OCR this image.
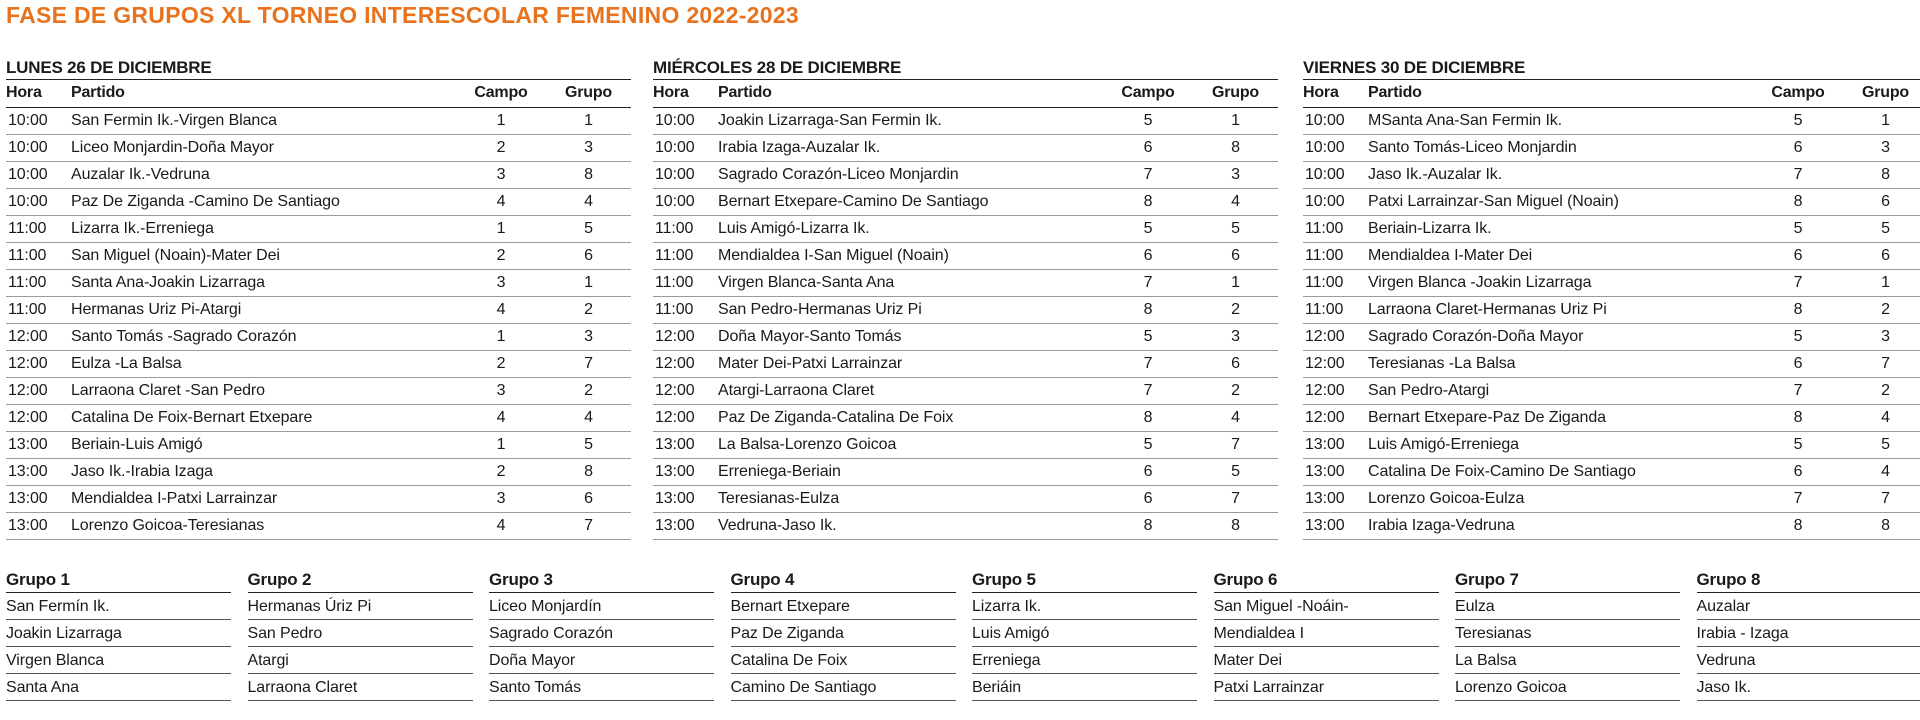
FASE DE GRUPOS XL TORNEO INTERESCOLAR FEMENINO 2022-2023
LUNES 26 DE DICIEMBRE
Hora	Partido	Campo	Grupo
10:00	San Fermin Ik.-Virgen Blanca	1	1
10:00	Liceo Monjardin-Doña Mayor	2	3
10:00	Auzalar Ik.-Vedruna	3	8
10:00	Paz De Ziganda -Camino De Santiago	4	4
11:00	Lizarra Ik.-Erreniega	1	5
11:00	San Miguel (Noain)-Mater Dei	2	6
11:00	Santa Ana-Joakin Lizarraga	3	1
11:00	Hermanas Uriz Pi-Atargi	4	2
12:00	Santo Tomás -Sagrado Corazón	1	3
12:00	Eulza -La Balsa	2	7
12:00	Larraona Claret -San Pedro	3	2
12:00	Catalina De Foix-Bernart Etxepare	4	4
13:00	Beriain-Luis Amigó	1	5
13:00	Jaso Ik.-Irabia Izaga	2	8
13:00	Mendialdea I-Patxi Larrainzar	3	6
13:00	Lorenzo Goicoa-Teresianas	4	7
MIÉRCOLES 28 DE DICIEMBRE
Hora	Partido	Campo	Grupo
10:00	Joakin Lizarraga-San Fermin Ik.	5	1
10:00	Irabia Izaga-Auzalar Ik.	6	8
10:00	Sagrado Corazón-Liceo Monjardin	7	3
10:00	Bernart Etxepare-Camino De Santiago	8	4
11:00	Luis Amigó-Lizarra Ik.	5	5
11:00	Mendialdea I-San Miguel (Noain)	6	6
11:00	Virgen Blanca-Santa Ana	7	1
11:00	San Pedro-Hermanas Uriz Pi	8	2
12:00	Doña Mayor-Santo Tomás	5	3
12:00	Mater Dei-Patxi Larrainzar	7	6
12:00	Atargi-Larraona Claret	7	2
12:00	Paz De Ziganda-Catalina De Foix	8	4
13:00	La Balsa-Lorenzo Goicoa	5	7
13:00	Erreniega-Beriain	6	5
13:00	Teresianas-Eulza	6	7
13:00	Vedruna-Jaso Ik.	8	8
VIERNES 30 DE DICIEMBRE
Hora	Partido	Campo	Grupo
10:00	MSanta Ana-San Fermin Ik.	5	1
10:00	Santo Tomás-Liceo Monjardin	6	3
10:00	Jaso Ik.-Auzalar Ik.	7	8
10:00	Patxi Larrainzar-San Miguel (Noain)	8	6
11:00	Beriain-Lizarra Ik.	5	5
11:00	Mendialdea I-Mater Dei	6	6
11:00	Virgen Blanca -Joakin Lizarraga	7	1
11:00	Larraona Claret-Hermanas Uriz Pi	8	2
12:00	Sagrado Corazón-Doña Mayor	5	3
12:00	Teresianas -La Balsa	6	7
12:00	San Pedro-Atargi	7	2
12:00	Bernart Etxepare-Paz De Ziganda	8	4
13:00	Luis Amigó-Erreniega	5	5
13:00	Catalina De Foix-Camino De Santiago	6	4
13:00	Lorenzo Goicoa-Eulza	7	7
13:00	Irabia Izaga-Vedruna	8	8
Grupo 1
San Fermín Ik.
Joakin Lizarraga
Virgen Blanca
Santa Ana
Grupo 2
Hermanas Úriz Pi
San Pedro
Atargi
Larraona Claret
Grupo 3
Liceo Monjardín
Sagrado Corazón
Doña Mayor
Santo Tomás
Grupo 4
Bernart Etxepare
Paz De Ziganda
Catalina De Foix
Camino De Santiago
Grupo 5
Lizarra Ik.
Luis Amigó
Erreniega
Beriáin
Grupo 6
San Miguel -Noáin-
Mendialdea I
Mater Dei
Patxi Larrainzar
Grupo 7
Eulza
Teresianas
La Balsa
Lorenzo Goicoa
Grupo 8
Auzalar
Irabia - Izaga
Vedruna
Jaso Ik.
